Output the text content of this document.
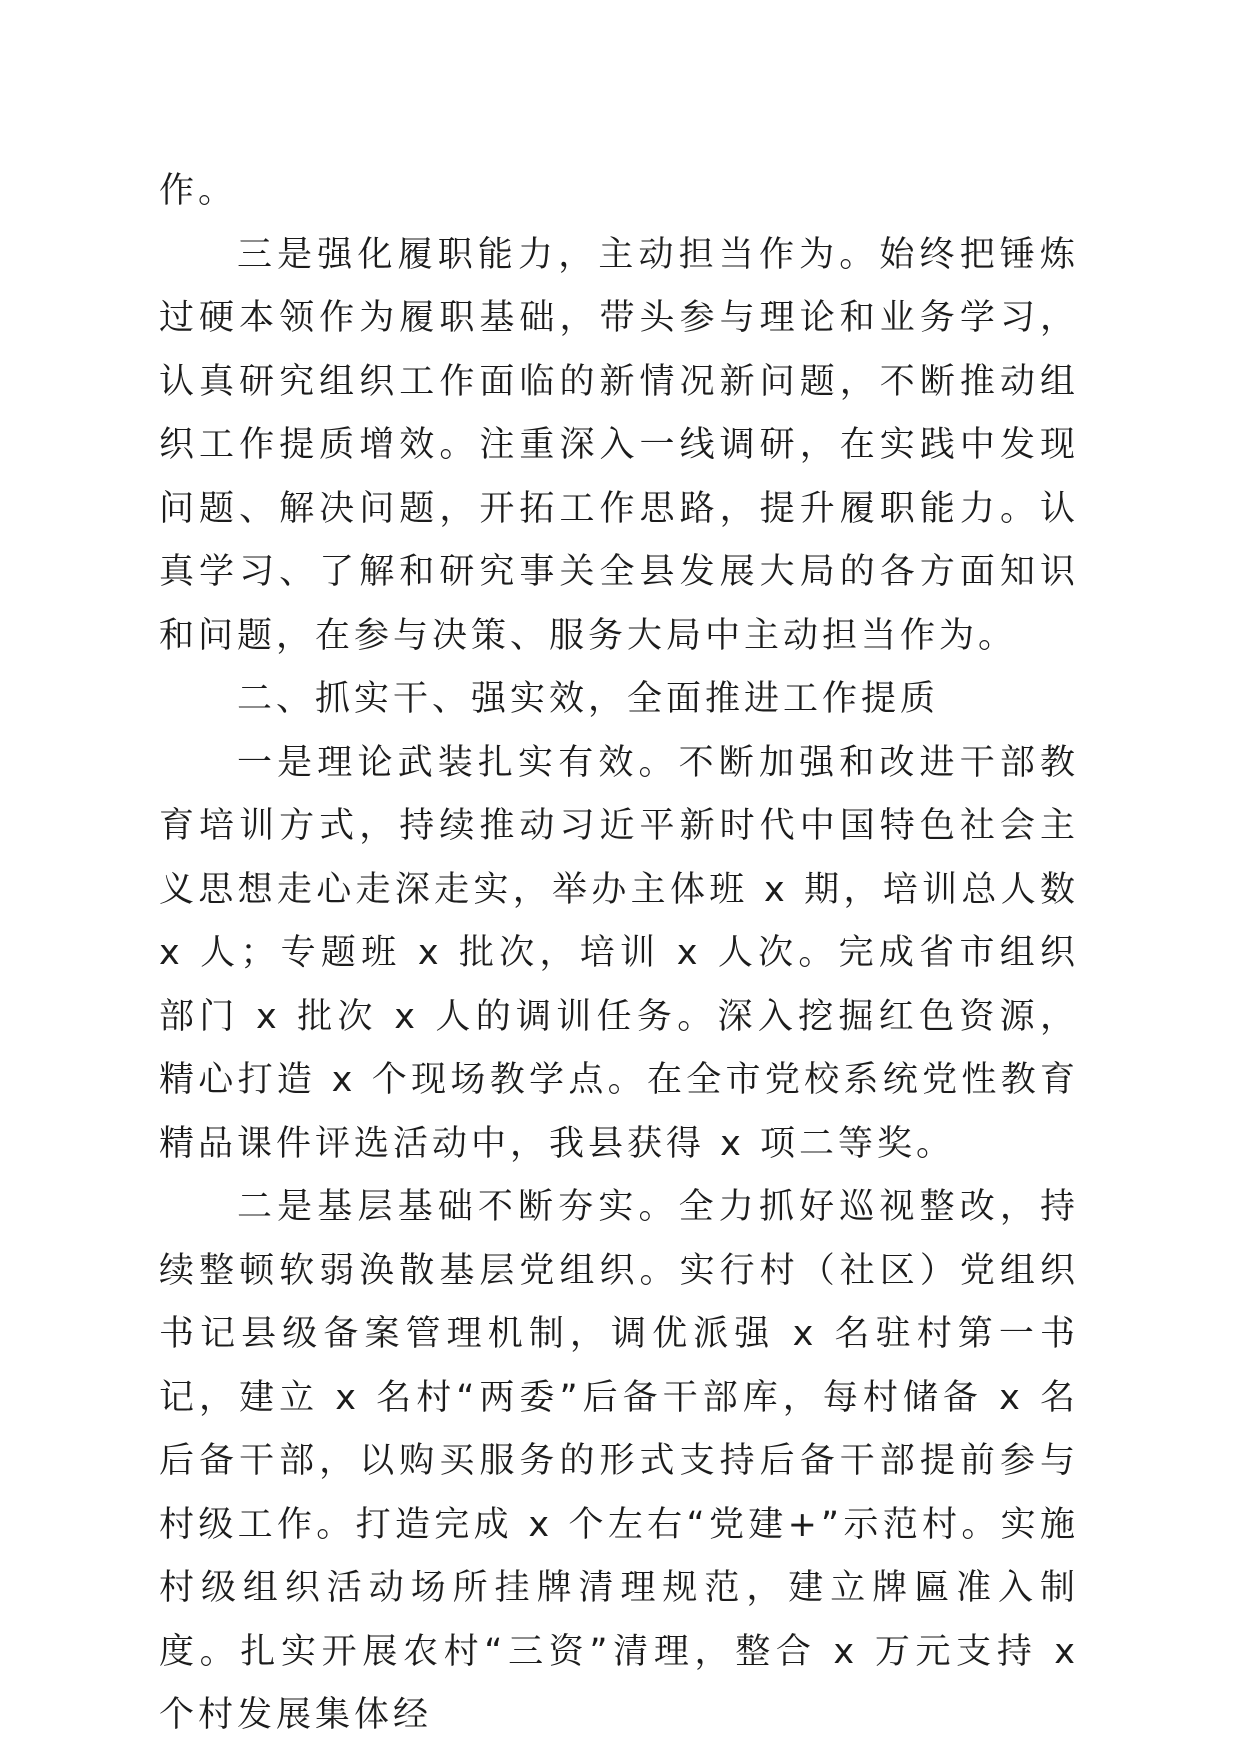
作。

三是强化履职能力，主动担当作为。始终把锤炼过硬本领作为履职基础，带头参与理论和业务学习，认真研究组织工作面临的新情况新问题，不断推动组织工作提质增效。注重深入一线调研，在实践中发现问题、解决问题，开拓工作思路，提升履职能力。认真学习、了解和研究事关全县发展大局的各方面知识和问题，在参与决策、服务大局中主动担当作为。

二、抓实干、强实效，全面推进工作提质

一是理论武装扎实有效。不断加强和改进干部教育培训方式，持续推动习近平新时代中国特色社会主义思想走心走深走实，举办主体班 x 期，培训总人数 x 人；专题班 x 批次，培训 x 人次。完成省市组织部门 x 批次 x 人的调训任务。深入挖掘红色资源，精心打造 x 个现场教学点。在全市党校系统党性教育精品课件评选活动中，我县获得 x 项二等奖。

二是基层基础不断夯实。全力抓好巡视整改，持续整顿软弱涣散基层党组织。实行村（社区）党组织书记县级备案管理机制，调优派强 x 名驻村第一书记，建立 x 名村“两委”后备干部库，每村储备 x 名后备干部，以购买服务的形式支持后备干部提前参与村级工作。打造完成 x 个左右“党建+”示范村。实施村级组织活动场所挂牌清理规范，建立牌匾准入制度。扎实开展农村“三资”清理，整合 x 万元支持 x 个村发展集体经
